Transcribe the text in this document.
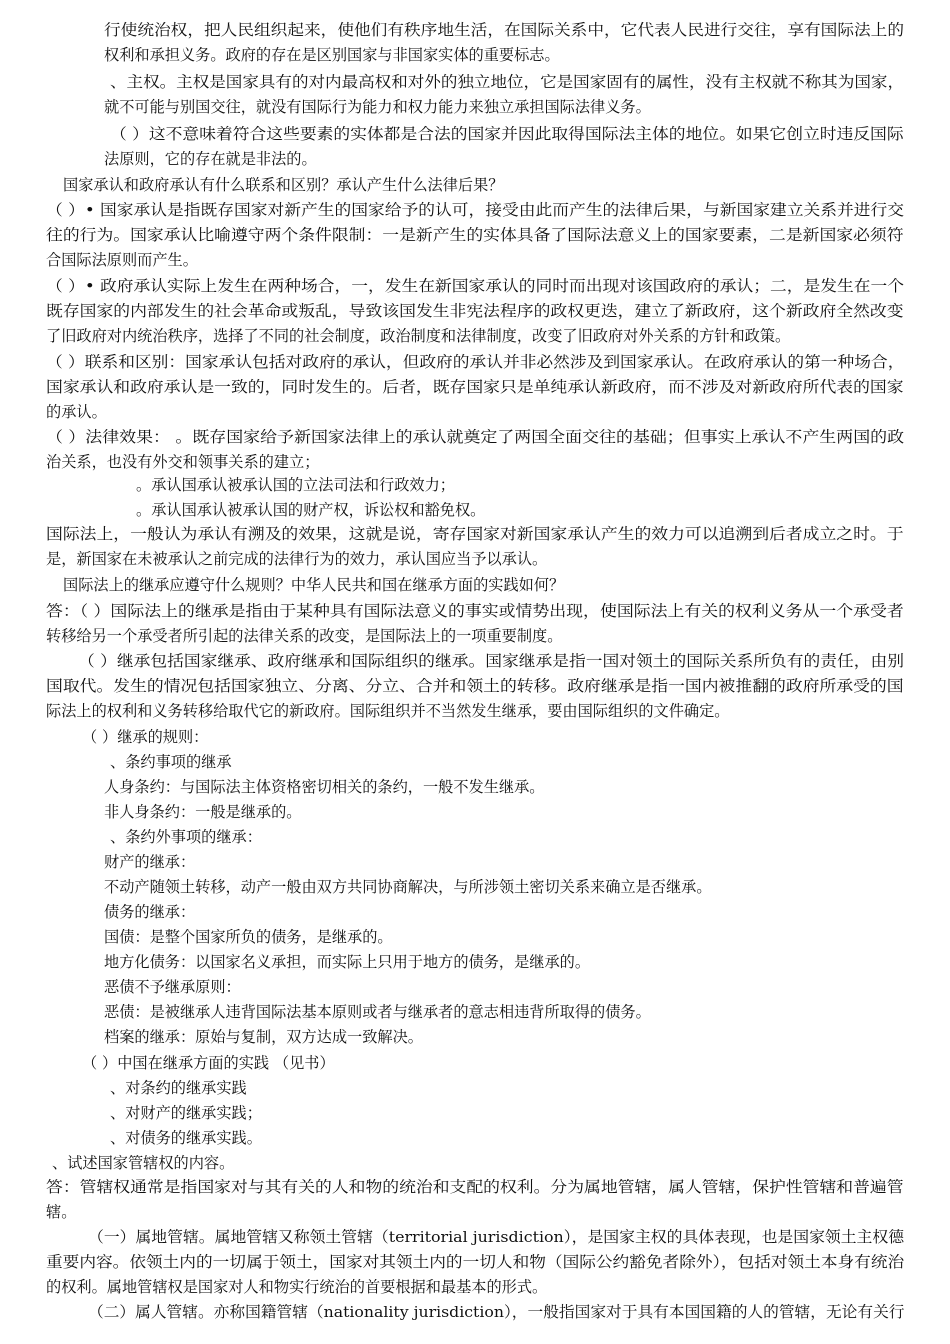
行使统治权，把人民组织起来，使他们有秩序地生活，在国际关系中，它代表人民进行交往，享有国际法上的
权利和承担义务。政府的存在是区别国家与非国家实体的重要标志。
、主权。主权是国家具有的对内最高权和对外的独立地位，它是国家固有的属性，没有主权就不称其为国家，
就不可能与别国交往，就没有国际行为能力和权力能力来独立承担国际法律义务。
（ ）这不意味着符合这些要素的实体都是合法的国家并因此取得国际法主体的地位。如果它创立时违反国际
法原则，它的存在就是非法的。
国家承认和政府承认有什么联系和区别？承认产生什么法律后果？
（ ）• 国家承认是指既存国家对新产生的国家给予的认可，接受由此而产生的法律后果，与新国家建立关系并进行交
往的行为。国家承认比喻遵守两个条件限制：一是新产生的实体具备了国际法意义上的国家要素，二是新国家必须符
合国际法原则而产生。
（ ）• 政府承认实际上发生在两种场合，一，发生在新国家承认的同时而出现对该国政府的承认；二，是发生在一个
既存国家的内部发生的社会革命或叛乱，导致该国发生非宪法程序的政权更迭，建立了新政府，这个新政府全然改变
了旧政府对内统治秩序，选择了不同的社会制度，政治制度和法律制度，改变了旧政府对外关系的方针和政策。
（ ）联系和区别：国家承认包括对政府的承认，但政府的承认并非必然涉及到国家承认。在政府承认的第一种场合，
国家承认和政府承认是一致的，同时发生的。后者，既存国家只是单纯承认新政府，而不涉及对新政府所代表的国家
的承认。
（ ）法律效果： 。既存国家给予新国家法律上的承认就奠定了两国全面交往的基础；但事实上承认不产生两国的政
治关系，也没有外交和领事关系的建立；
。承认国承认被承认国的立法司法和行政效力；
。承认国承认被承认国的财产权，诉讼权和豁免权。
国际法上，一般认为承认有溯及的效果，这就是说，寄存国家对新国家承认产生的效力可以追溯到后者成立之时。于
是，新国家在未被承认之前完成的法律行为的效力，承认国应当予以承认。
国际法上的继承应遵守什么规则？中华人民共和国在继承方面的实践如何？
答：（ ）国际法上的继承是指由于某种具有国际法意义的事实或情势出现，使国际法上有关的权利义务从一个承受者
转移给另一个承受者所引起的法律关系的改变，是国际法上的一项重要制度。
（ ）继承包括国家继承、政府继承和国际组织的继承。国家继承是指一国对领土的国际关系所负有的责任，由别
国取代。发生的情况包括国家独立、分离、分立、合并和领土的转移。政府继承是指一国内被推翻的政府所承受的国
际法上的权利和义务转移给取代它的新政府。国际组织并不当然发生继承，要由国际组织的文件确定。
（ ）继承的规则：
、条约事项的继承
人身条约：与国际法主体资格密切相关的条约，一般不发生继承。
非人身条约：一般是继承的。
、条约外事项的继承：
财产的继承：
不动产随领土转移，动产一般由双方共同协商解决，与所涉领土密切关系来确立是否继承。
债务的继承：
国债：是整个国家所负的债务，是继承的。
地方化债务：以国家名义承担，而实际上只用于地方的债务，是继承的。
恶债不予继承原则：
恶债：是被继承人违背国际法基本原则或者与继承者的意志相违背所取得的债务。
档案的继承：原始与复制，双方达成一致解决。
（ ）中国在继承方面的实践 （见书）
、对条约的继承实践
、对财产的继承实践；
、对债务的继承实践。
、试述国家管辖权的内容。
答：管辖权通常是指国家对与其有关的人和物的统治和支配的权利。分为属地管辖，属人管辖，保护性管辖和普遍管
辖。
（一）属地管辖。属地管辖又称领土管辖（territorial jurisdiction），是国家主权的具体表现，也是国家领土主权德
重要内容。依领土内的一切属于领土，国家对其领土内的一切人和物（国际公约豁免者除外），包括对领土本身有统治
的权利。属地管辖权是国家对人和物实行统治的首要根据和最基本的形式。
（二）属人管辖。亦称国籍管辖（nationality jurisdiction），一般指国家对于具有本国国籍的人的管辖，无论有关行
